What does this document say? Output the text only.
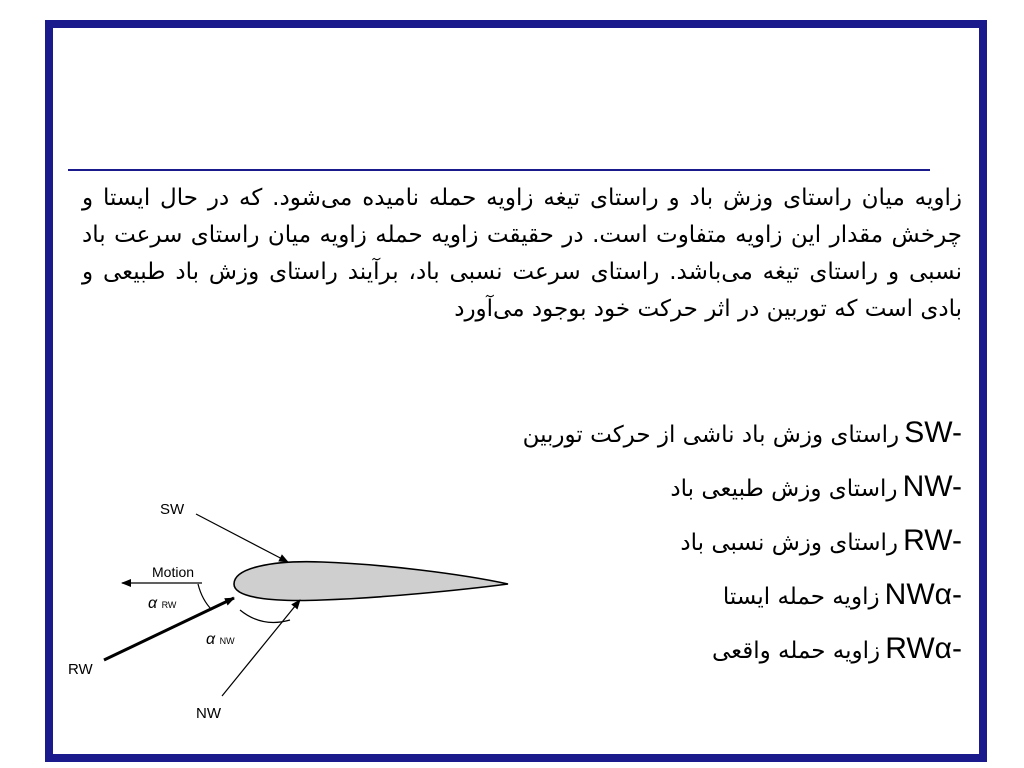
زاویه میان راستای وزش باد و راستای تیغه زاویه حمله نامیده می‌شود. که در حال ایستا و چرخش مقدار این زاویه متفاوت است. در حقیقت زاویه حمله زاویه میان راستای سرعت باد نسبی و راستای تیغه می‌باشد. راستای سرعت نسبی باد، برآیند راستای وزش باد طبیعی و بادی است که توربین در اثر حرکت خود بوجود می‌آورد

SW- راستای وزش باد ناشی از حرکت توربین
NW- راستای وزش طبیعی باد
RW- راستای وزش نسبی باد
NWα- زاویه حمله ایستا
RWα- زاویه حمله واقعی
SW
Motion
RW
NW
α RW
α NW
